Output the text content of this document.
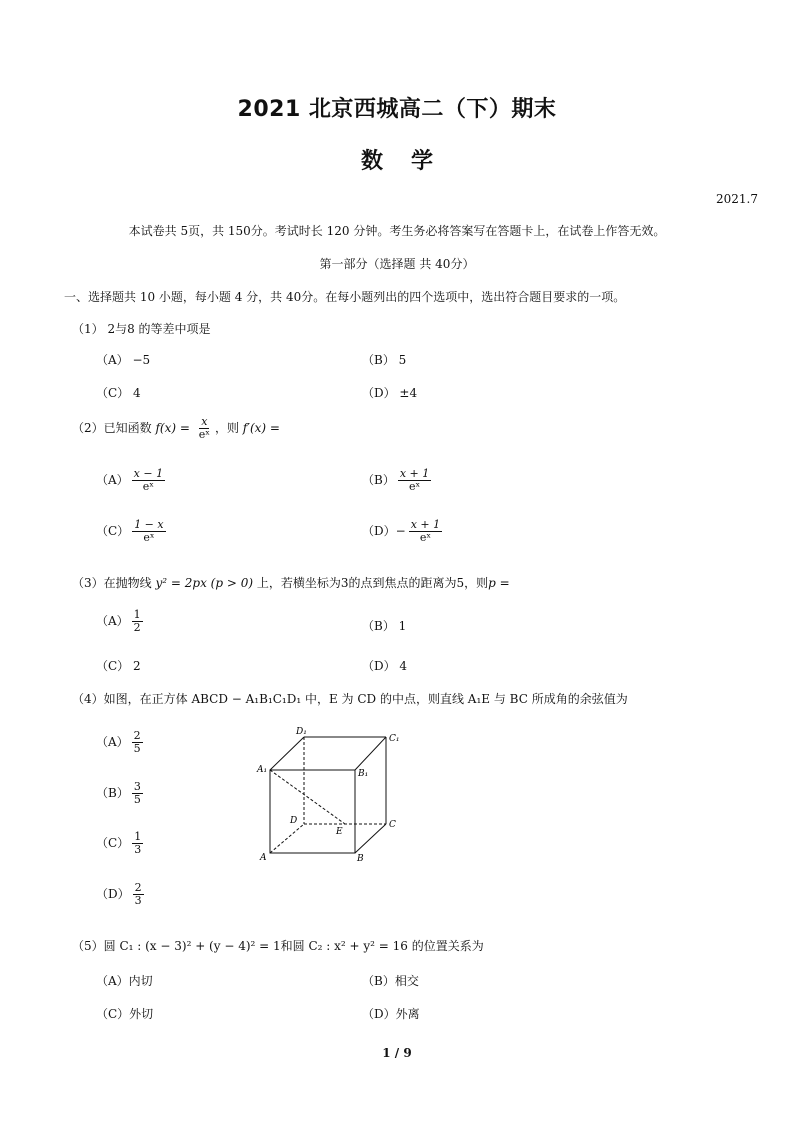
2021 北京西城高二（下）期末
数学
2021.7
本试卷共 5页，共 150分。考试时长 120 分钟。考生务必将答案写在答题卡上，在试卷上作答无效。
第一部分（选择题 共 40分）
一、选择题共 10 小题，每小题 4 分，共 40分。在每小题列出的四个选项中，选出符合题目要求的一项。
（1） 2与8 的等差中项是
（A） −5	（B） 5
（C） 4	（D） ±4
（2）已知函数 $f(x) = \frac{x}{\text{eˣ}}$ ，则 f′(x) =
$(A) \frac{x - 1}{\text{eˣ}}$	$(B) \frac{x + 1}{\text{eˣ}}$
$(C) \frac{1 - x}{\text{eˣ}}$	$(D)- \frac{x + 1}{\text{eˣ}}$
（3）在抛物线 y² = 2px (p > 0) 上，若横坐标为3的点到焦点的距离为5，则p =
$(A) \frac{1}{2}$	（B） 1
（C） 2	（D） 4
（4）如图，在正方体 ABCD − A₁B₁C₁D₁ 中，E 为 CD 的中点，则直线 A₁E 与 BC 所成角的余弦值为
$(A) \frac{2}{5}$
$(B) \frac{3}{5}$
$(C) \frac{1}{3}$
$(D) \frac{2}{3}$
D₁
C₁
A₁	B₁
D
E
C
A	B
（5）圆 C₁ : (x − 3)² + (y − 4)² = 1和圆 C₂ : x² + y² = 16 的位置关系为
（A）内切	（B）相交
（C）外切	（D）外离
1 / 9
